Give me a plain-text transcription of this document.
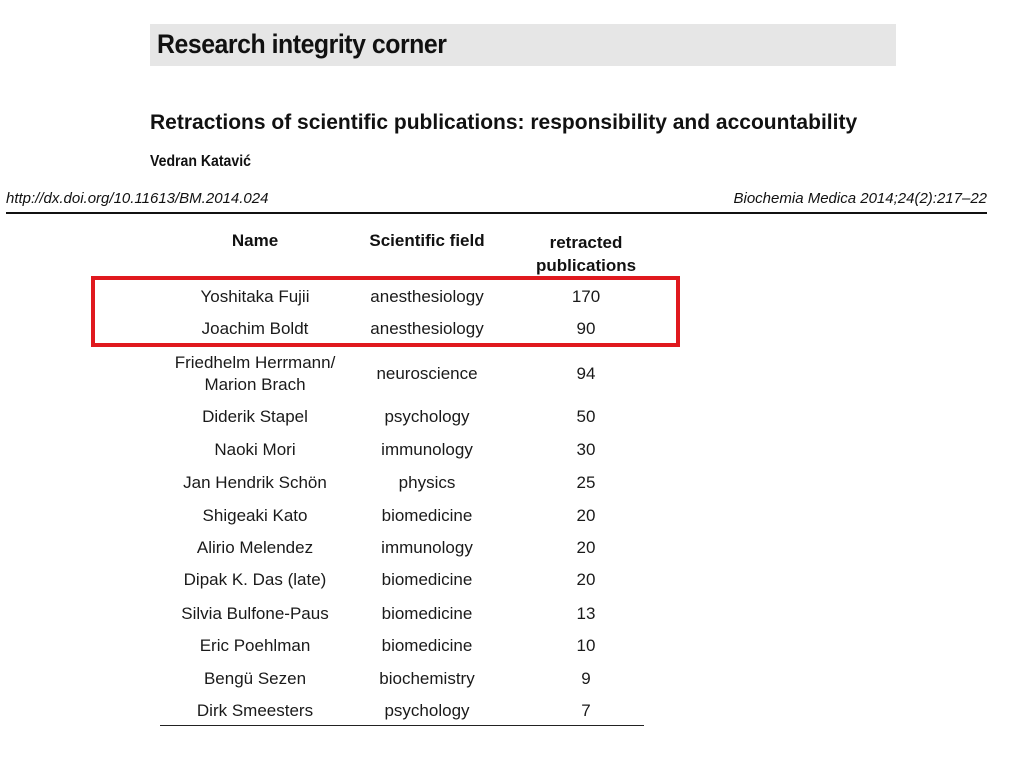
Research integrity corner
Retractions of scientific publications: responsibility and accountability
Vedran Katavić
http://dx.doi.org/10.11613/BM.2014.024	Biochemia Medica 2014;24(2):217–22
Name	Scientific field	retracted
publications
Yoshitaka Fujii	anesthesiology	170
Joachim Boldt	anesthesiology	90
Friedhelm Herrmann/
Marion Brach
neuroscience	94
Diderik Stapel	psychology	50
Naoki Mori	immunology	30
Jan Hendrik Schön	physics	25
Shigeaki Kato	biomedicine	20
Alirio Melendez	immunology	20
Dipak K. Das (late)	biomedicine	20
Silvia Bulfone-Paus	biomedicine	13
Eric Poehlman	biomedicine	10
Bengü Sezen	biochemistry	9
Dirk Smeesters	psychology	7
